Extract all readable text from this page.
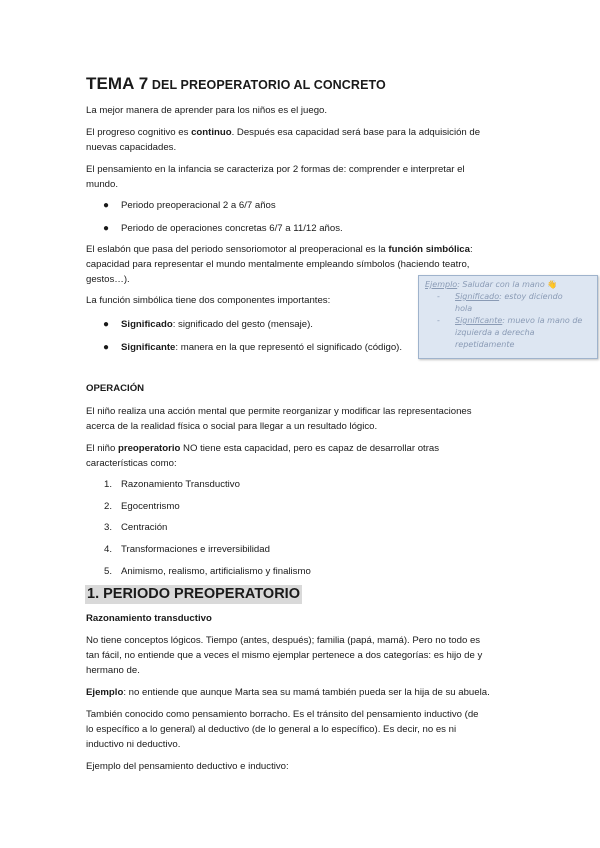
TEMA 7 DEL PREOPERATORIO AL CONCRETO

La mejor manera de aprender para los niños es el juego.

El progreso cognitivo es continuo. Después esa capacidad será base para la adquisición de
nuevas capacidades.
El pensamiento en la infancia se caracteriza por 2 formas de: comprender e interpretar el
mundo.
● Periodo preoperacional 2 a 6/7 años
● Periodo de operaciones concretas 6/7 a 11/12 años.
El eslabón que pasa del periodo sensoriomotor al preoperacional es la función simbólica:
capacidad para representar el mundo mentalmente empleando símbolos (haciendo teatro,
gestos…).

La función simbólica tiene dos componentes importantes:

● Significado: significado del gesto (mensaje).
● Significante: manera en la que representó el significado (código).
Ejemplo: Saludar con la mano 👋
- Significado: estoy diciendo
hola
- Significante: muevo la mano de
izquierda a derecha
repetidamente

OPERACIÓN

El niño realiza una acción mental que permite reorganizar y modificar las representaciones
acerca de la realidad física o social para llegar a un resultado lógico.
El niño preoperatorio NO tiene esta capacidad, pero es capaz de desarrollar otras
características como:
1. Razonamiento Transductivo
2. Egocentrismo
3. Centración
4. Transformaciones e irreversibilidad
5. Animismo, realismo, artificialismo y finalismo
1. PERIODO PREOPERATORIO

Razonamiento transductivo

No tiene conceptos lógicos. Tiempo (antes, después); familia (papá, mamá). Pero no todo es
tan fácil, no entiende que a veces el mismo ejemplar pertenece a dos categorías: es hijo de y
hermano de.
Ejemplo: no entiende que aunque Marta sea su mamá también pueda ser la hija de su abuela.
También conocido como pensamiento borracho. Es el tránsito del pensamiento inductivo (de
lo específico a lo general) al deductivo (de lo general a lo específico). Es decir, no es ni
inductivo ni deductivo.

Ejemplo del pensamiento deductivo e inductivo:
